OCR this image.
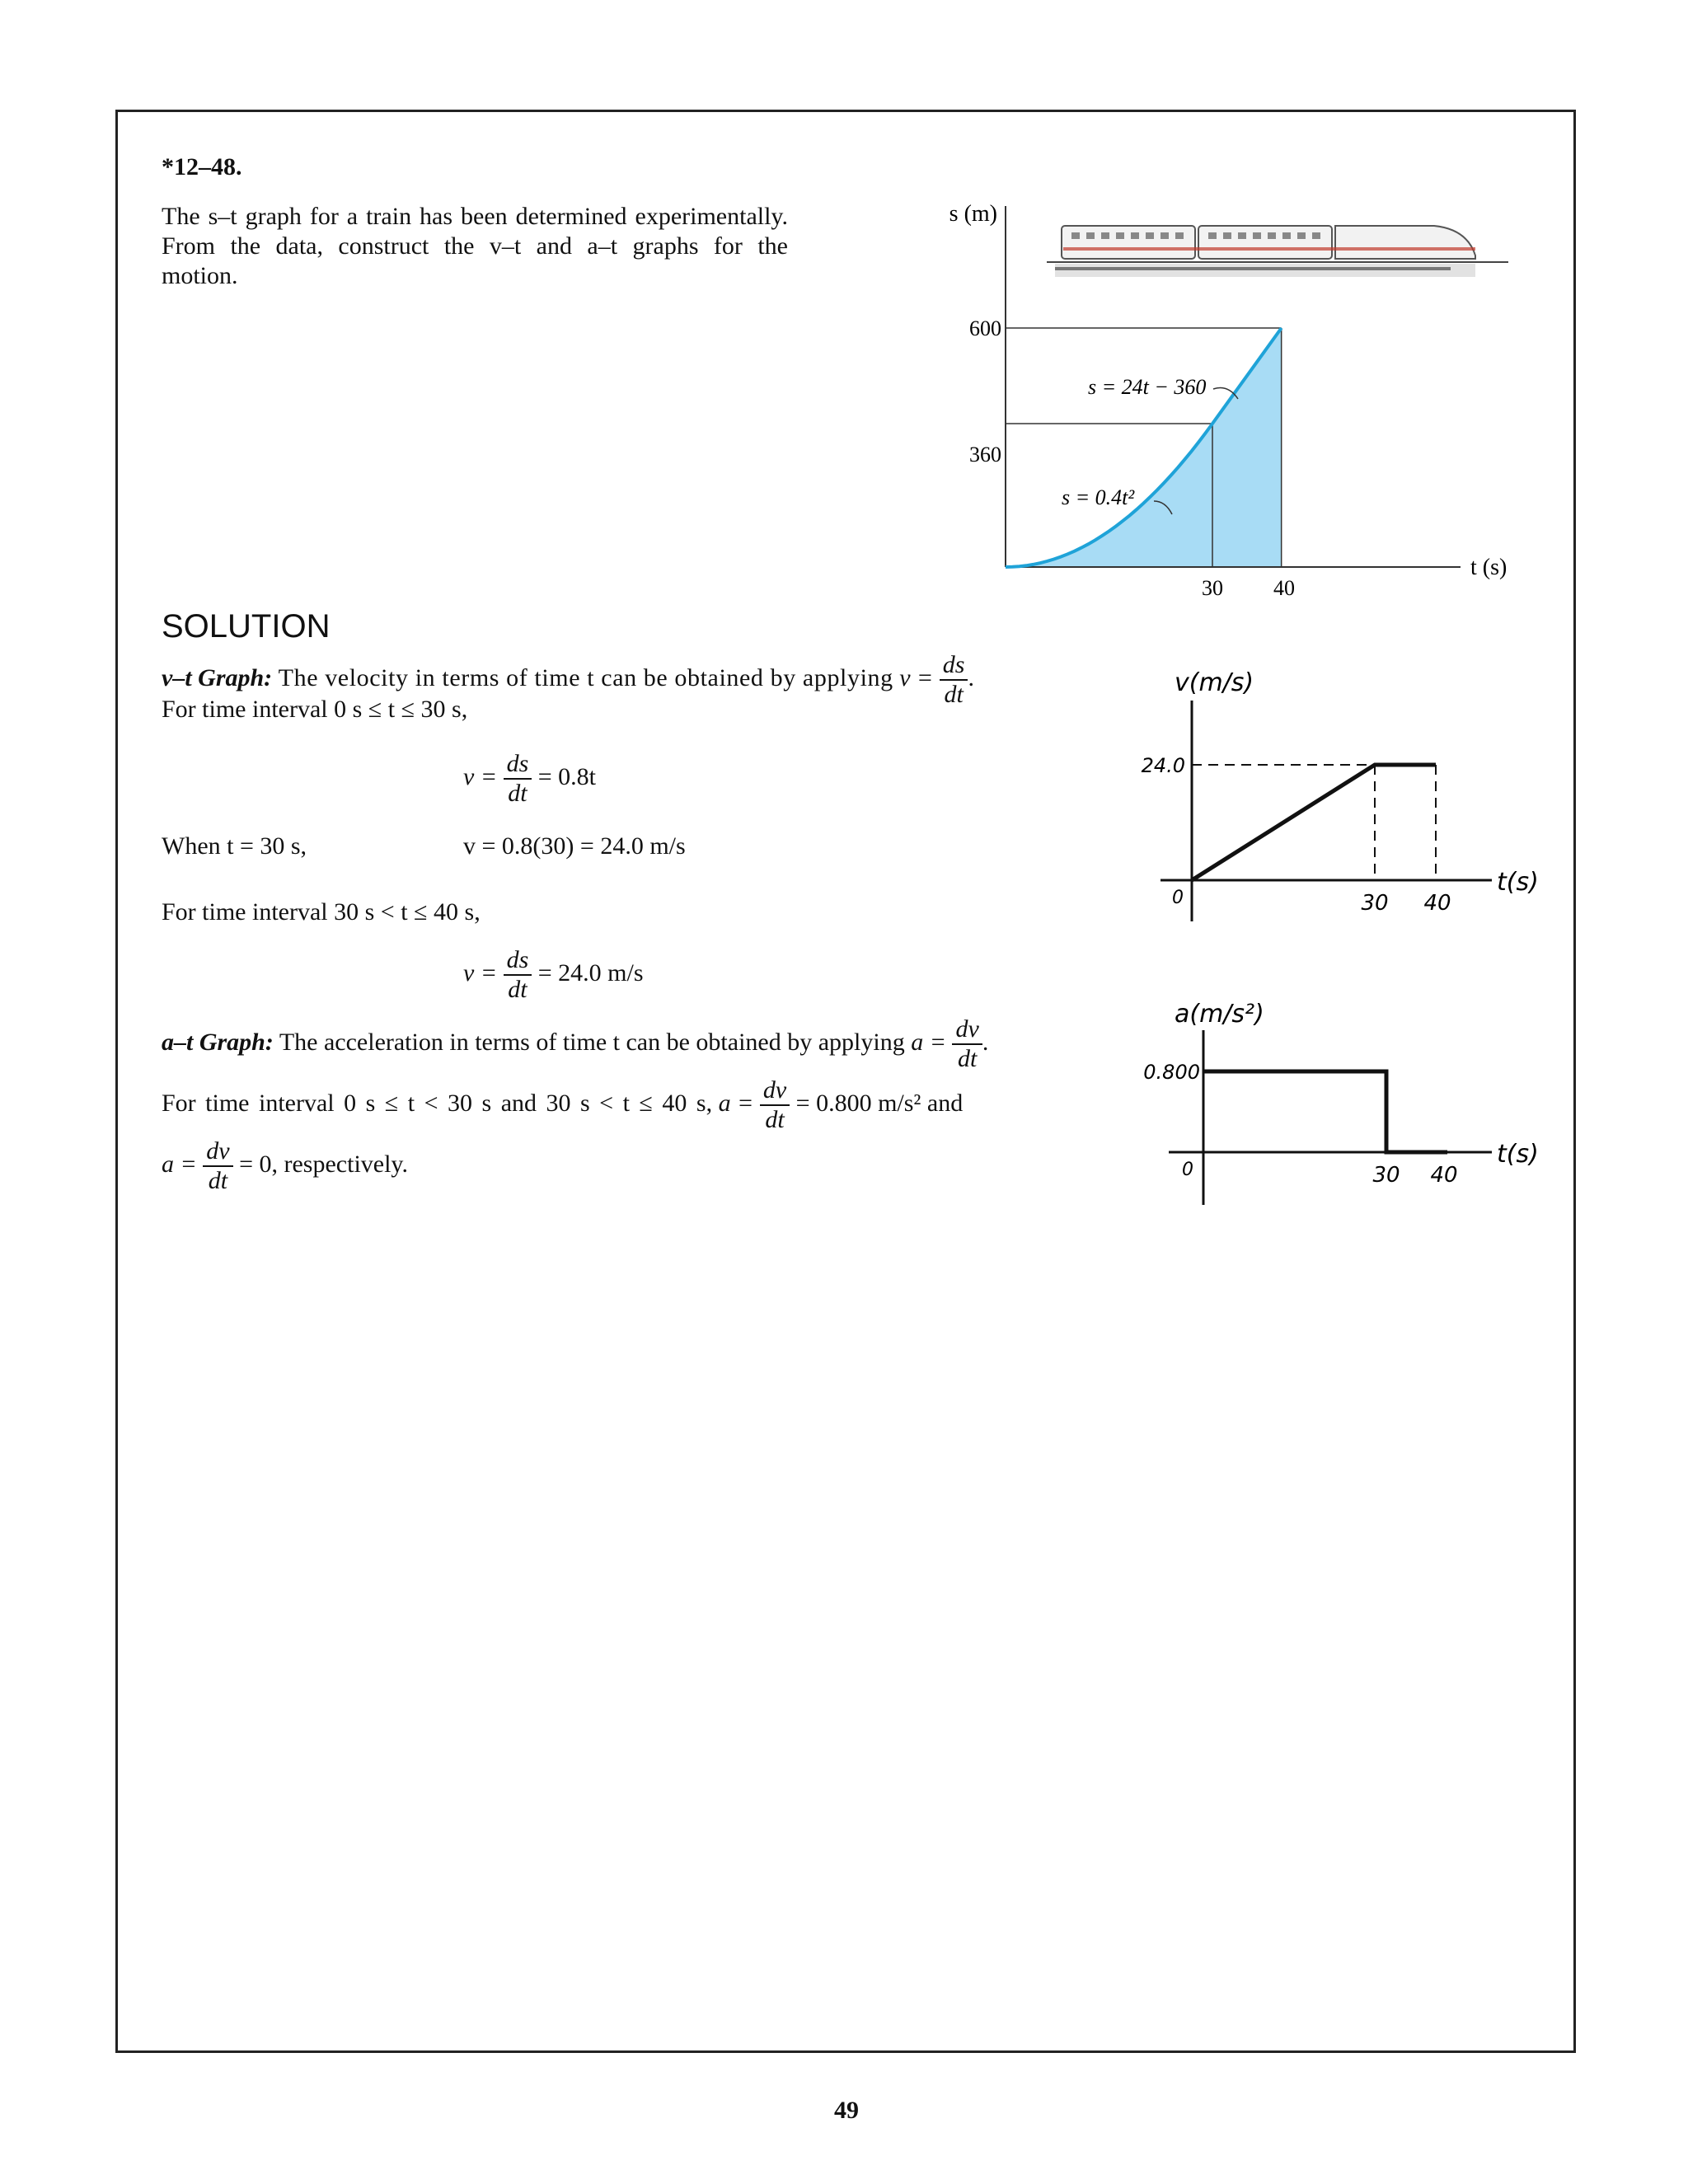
*12–48.
The s–t graph for a train has been determined experimentally.
From the data, construct the v–t and a–t graphs for the
motion.
s (m)
600
360
30 40
t (s)
s = 24t − 360
s = 0.4t²
SOLUTION
v–t Graph: The velocity in terms of time t can be obtained by applying $v = \frac{ds}{dt}$ .
For time interval 0 s ≤ t ≤ 30 s,
$v = \frac{ds}{dt} = 0.8t$
When t = 30 s,	v = 0.8(30) = 24.0 m/s
For time interval 30 s < t ≤ 40 s,
$v = \frac{ds}{dt} = 24.0$ m/s
a–t Graph: The acceleration in terms of time t can be obtained by applying $a = \frac{dv}{dt}$ .
For time interval 0 s ≤ t < 30 s and 30 s < t ≤ 40 s, $a = \frac{dv}{dt} = 0.800$ m/s² and
$a = \frac{dv}{dt} = 0$, respectively.
v(m/s)
0
24.0
30 40
t(s)
a(m/s²)
0
0.800
30 40
t(s)
49
